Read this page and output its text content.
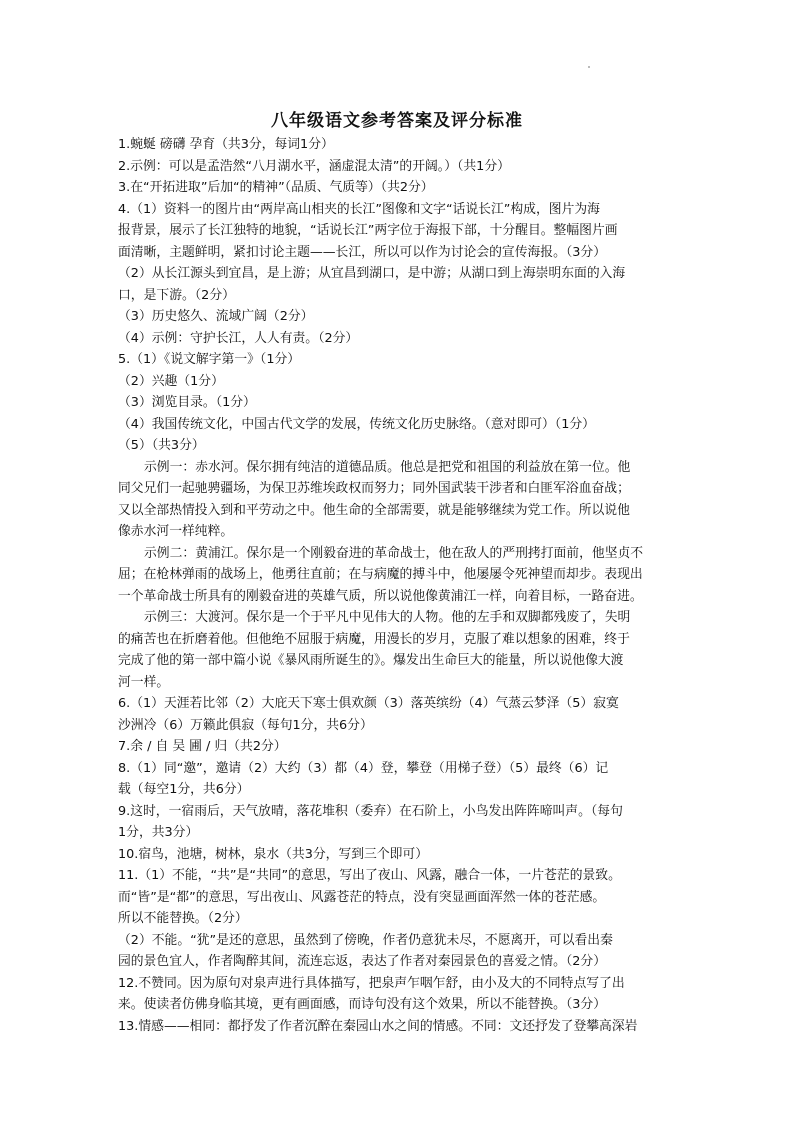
八年级语文参考答案及评分标准
1.蜿蜒 磅礴 孕育（共3分，每词1分）
2.示例：可以是孟浩然“八月湖水平，涵虚混太清”的开阔。）（共1分）
3.在“开拓进取”后加“的精神”（品质、气质等）（共2分）
4.（1）资料一的图片由“两岸高山相夹的长江”图像和文字“话说长江”构成，图片为海
报背景，展示了长江独特的地貌，“话说长江”两字位于海报下部，十分醒目。整幅图片画
面清晰，主题鲜明，紧扣讨论主题——长江，所以可以作为讨论会的宣传海报。（3分）
（2）从长江源头到宜昌，是上游；从宜昌到湖口，是中游；从湖口到上海崇明东面的入海
口，是下游。（2分）
（3）历史悠久、流域广阔（2分）
（4）示例：守护长江，人人有责。（2分）
5.（1）《说文解字第一》（1分）
（2）兴趣（1分）
（3）浏览目录。（1分）
（4）我国传统文化，中国古代文学的发展，传统文化历史脉络。（意对即可）（1分）
（5）（共3分）
示例一：赤水河。保尔拥有纯洁的道德品质。他总是把党和祖国的利益放在第一位。他
同父兄们一起驰骋疆场，为保卫苏维埃政权而努力；同外国武装干涉者和白匪军浴血奋战；
又以全部热情投入到和平劳动之中。他生命的全部需要，就是能够继续为党工作。所以说他
像赤水河一样纯粹。
示例二：黄浦江。保尔是一个刚毅奋进的革命战士，他在敌人的严刑拷打面前，他坚贞不
屈；在枪林弹雨的战场上，他勇往直前；在与病魔的搏斗中，他屡屡令死神望而却步。表现出
一个革命战士所具有的刚毅奋进的英雄气质，所以说他像黄浦江一样，向着目标，一路奋进。
示例三：大渡河。保尔是一个于平凡中见伟大的人物。他的左手和双脚都残废了，失明
的痛苦也在折磨着他。但他绝不屈服于病魔，用漫长的岁月，克服了难以想象的困难，终于
完成了他的第一部中篇小说《暴风雨所诞生的》。爆发出生命巨大的能量，所以说他像大渡
河一样。
6.（1）天涯若比邻（2）大庇天下寒士俱欢颜（3）落英缤纷（4）气蒸云梦泽（5）寂寞
沙洲冷（6）万籁此俱寂（每句1分，共6分）
7.余 / 自 吴 圃 / 归（共2分）
8.（1）同“邀”，邀请（2）大约（3）都（4）登，攀登（用梯子登）（5）最终（6）记
载（每空1分，共6分）
9.这时，一宿雨后，天气放晴，落花堆积（委弃）在石阶上，小鸟发出阵阵啼叫声。（每句
1分，共3分）
10.宿鸟，池塘，树林，泉水（共3分，写到三个即可）
11.（1）不能，“共”是“共同”的意思，写出了夜山、风露，融合一体，一片苍茫的景致。
而“皆”是“都”的意思，写出夜山、风露苍茫的特点，没有突显画面浑然一体的苍茫感。
所以不能替换。（2分）
（2）不能。“犹”是还的意思，虽然到了傍晚，作者仍意犹未尽，不愿离开，可以看出秦
园的景色宜人，作者陶醉其间，流连忘返，表达了作者对秦园景色的喜爱之情。（2分）
12.不赞同。因为原句对泉声进行具体描写，把泉声乍咽乍舒，由小及大的不同特点写了出
来。使读者仿佛身临其境，更有画面感，而诗句没有这个效果，所以不能替换。（3分）
13.情感——相同：都抒发了作者沉醉在秦园山水之间的情感。不同：文还抒发了登攀高深岩
